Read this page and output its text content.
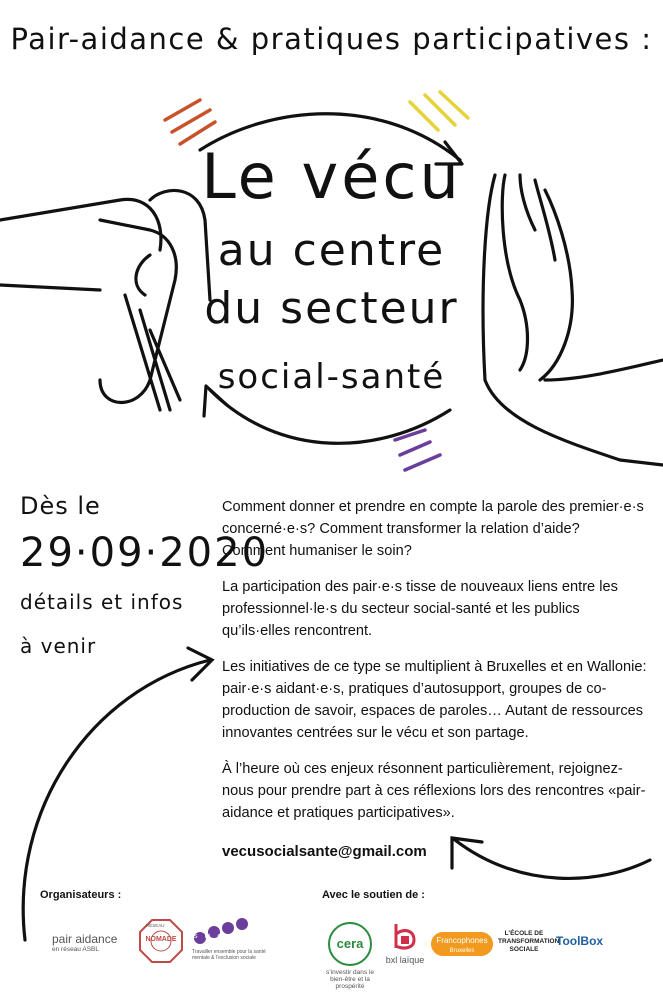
Pair-aidance & pratiques participatives :
Le vécu
au centre
du secteur
social-santé
Dès le
29·09·2020
détails et infos
à venir

Comment donner et prendre en compte la parole des premier·e·s concerné·e·s? Comment transformer la relation d’aide? Comment humaniser le soin?

La participation des pair·e·s tisse de nouveaux liens entre les professionnel·le·s du secteur social-santé et les publics qu’ils·elles rencontrent.

Les initiatives de ce type se multiplient à Bruxelles et en Wallonie: pair·e·s aidant·e·s, pratiques d’autosupport, groupes de co-production de savoir, espaces de paroles… Autant de ressources innovantes centrées sur le vécu et son partage.

À l’heure où ces enjeux résonnent particulièrement, rejoignez-nous pour prendre part à ces réflexions lors des rencontres «pair-aidance et pratiques participatives».

vecusocialsante@gmail.com
Organisateurs :	Avec le soutien de :
pair aidance
en réseau ASBL
NOMADE
RÉSEAU
smes
Travailler ensemble pour la santé mentale & l’exclusion sociale
cera
s’investir dans le bien-être et la prospérité
bxl laïque
Francophones
Bruxelles
L’ÉCOLE DE TRANSFORMATION SOCIALE
ToolBox
